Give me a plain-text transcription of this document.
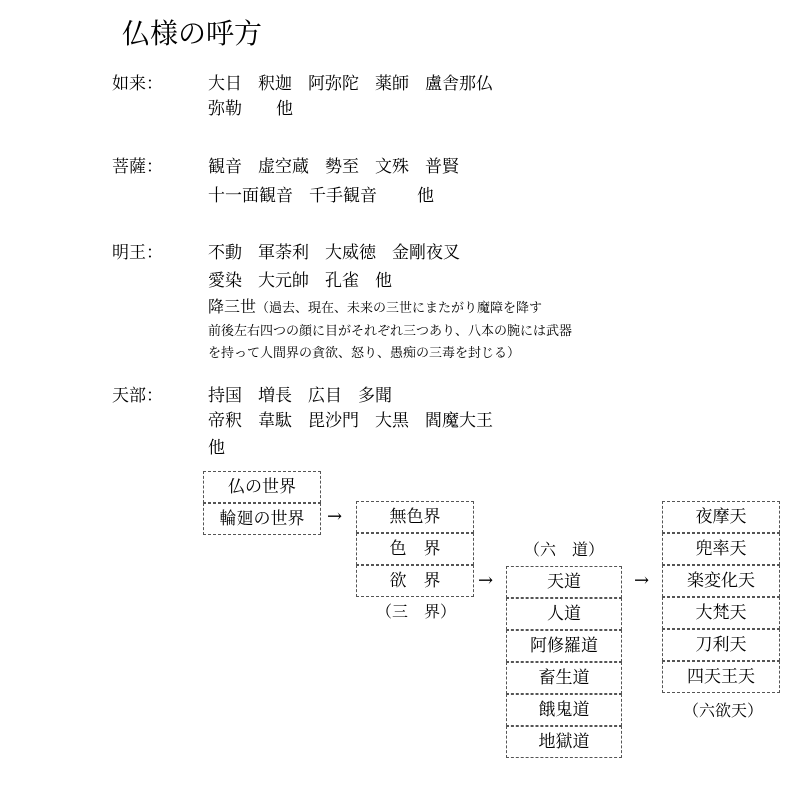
仏様の呼方
如来：	大日 釈迦 阿弥陀 薬師 盧舎那仏
弥勒 他
菩薩：	観音 虚空蔵 勢至 文殊 普賢
十一面観音 千手観音 他
明王：	不動 軍荼利 大威徳 金剛夜叉
愛染 大元帥 孔雀 他
降三世（過去、現在、未来の三世にまたがり魔障を降す
前後左右四つの顔に目がそれぞれ三つあり、八本の腕には武器
を持って人間界の貪欲、怒り、愚痴の三毒を封じる）
天部：	持国 増長 広目 多聞
帝釈 韋駄 毘沙門 大黒 閻魔大王
他
仏の世界
輪廻の世界	→	無色界
色　界
欲　界
（三　界）
→
（六　道）
天道
人道
阿修羅道
畜生道
餓鬼道
地獄道
→
夜摩天
兜率天
楽変化天
大梵天
刀利天
四天王天
（六欲天）
